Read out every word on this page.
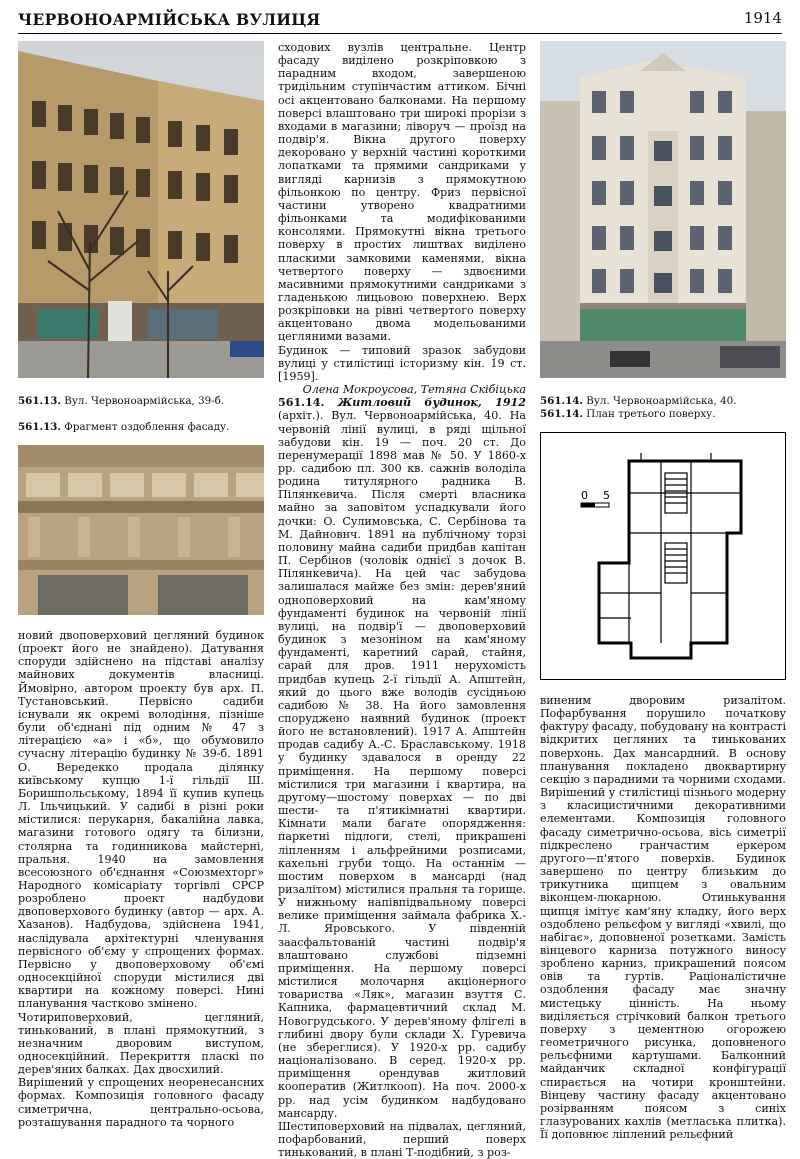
ЧЕРВОНОАРМІЙСЬКА ВУЛИЦЯ	1914
561.13. Вул. Червоноармійська, 39-б.
561.13. Фрагмент оздоблення фасаду.
561.14. Вул. Червоноармійська, 40.
561.14. План третього поверху.
0 5

новий двоповерховий цегляний будинок (проект його не знайдено). Датування споруди здійснено на підставі аналізу майнових документів власниці. Ймовірно, автором проекту був арх. П. Тустановський. Первісно садиби існували як окремі володіння, пізніше були об'єднані під одним № 47 з літерацією «а» і «б», що обумовило сучасну літерацію будинку № 39-б. 1891 О. Вередекко продала ділянку київському купцю 1-ї гільдії Ш. Боришпольському, 1894 її купив купець Л. Ільчицький. У садибі в різні роки містилися: перукарня, бакалійна лавка, магазини готового одягу та білизни, столярна та годинникова майстерні, пральня. 1940 на замовлення всесоюзного об'єднання «Союзмехторг» Народного комісаріату торгівлі СРСР розроблено проект надбудови двоповерхового будинку (автор — арх. А. Хазанов). Надбудова, здійснена 1941, наслідувала архітектурні членування первісного об'єму у спрощених формах. Первісно у двоповерховому об'ємі односекційної споруди містилися дві квартири на кожному поверсі. Нині планування частково змінено.

Чотириповерховий, цегляний, тинькований, в плані прямокутний, з незначним дворовим виступом, односекційний. Перекриття пласкі по дерев'яних балках. Дах двосхилий.

Вирішений у спрощених неоренесансних формах. Композиція головного фасаду симетрична, центрально-осьова, розташування парадного та чорного

сходових вузлів центральне. Центр фасаду виділено розкріповкою з парадним входом, завершеною тридільним ступінчастим аттиком. Бічні осі акцентовано балконами. На першому поверсі влаштовано три широкі прорізи з входами в магазини; ліворуч — проїзд на подвір'я. Вікна другого поверху декоровано у верхній частині короткими лопатками та прямими сандриками у вигляді карнизів з прямокутною фільонкою по центру. Фриз первісної частини утворено квадратними фільонками та модифікованими консолями. Прямокутні вікна третього поверху в простих лиштвах виділено пласкими замковими каменями, вікна четвертого поверху — здвоєними масивними прямокутними сандриками з гладенькою лицьовою поверхнею. Верх розкріповки на рівні четвертого поверху акцентовано двома модельованими цегляними вазами.

Будинок — типовий зразок забудови вулиці у стилістиці історизму кін. 19 ст. [1959].

Олена Мокроусова, Тетяна Скібіцька

561.14. Житловий будинок, 1912 (архіт.). Вул. Червоноармійська, 40. На червоній лінії вулиці, в ряді щільної забудови кін. 19 — поч. 20 ст. До перенумерації 1898 мав № 50. У 1860-х рр. садибою пл. 300 кв. сажнів володіла родина титулярного радника В. Пілянкевича. Після смерті власника майно за заповітом успадкували його дочки: О. Сулимовська, С. Сербінова та М. Дайновнч. 1891 на публічному торзі половину майна садиби придбав капітан П. Сербінов (чоловік однієї з дочок В. Пілянкевича). На цей час забудова залишалася майже без змін: дерев'яний одноповерховий на кам'яному фундаменті будинок на червоній лінії вулиці, на подвір'ї — двоповерховий будинок з мезоніном на кам'яному фундаменті, каретний сарай, стайня, сарай для дров. 1911 нерухомість придбав купець 2-ї гільдії А. Апштейн, який до цього вже володів сусідньою садибою № 38. На його замовлення споруджено наявний будинок (проект його не встановлений). 1917 А. Апштейн продав садибу А.-С. Браславському. 1918 у будинку здавалося в оренду 22 приміщення. На першому поверсі містилися три магазини і квартира, на другому—шостому поверхах — по дві шести- та п'ятикімнатні квартири. Кімнати мали багате опорядження: паркетні підлоги, стелі, прикрашені ліпленням і альфрейними розписами, кахельні груби тощо. На останнім — шостим поверхом в мансарді (над ризалітом) містилися пральня та горище. У нижньому напівпідвальному поверсі велике приміщення займала фабрика Х.-Л. Яровського. У південній заасфальтованій частині подвір'я влаштовано службові підземні приміщення. На першому поверсі містилися молочарня акціонерного товариства «Ляк», магазин взуття С. Капника, фармацевтичний склад М. Новогрудського. У дерев'яному флігелі в глибині двору були склади Х. Гуревича (не збереглися). У 1920-х рр. садибу націоналізовано. В серед. 1920-х рр. приміщення орендував житловий кооператив (Житлкооп). На поч. 2000-х рр. над усім будинком надбудовано мансарду.

Шестиповерховий на підвалах, цегляний, пофарбований, перший поверх тинькований, в плані Т-подібний, з роз-

виненим дворовим ризалітом. Пофарбування порушило початкову фактуру фасаду, побудовану на контрасті відкритих цегляних та тинькованих поверхонь. Дах мансардний. В основу планування покладено двоквартирну секцію з парадними та чорними сходами.

Вирішений у стилістиці пізнього модерну з класицистичними декоративними елементами. Композиція головного фасаду симетрично-осьова, вісь симетрії підкреслено гранчастим еркером другого—п'ятого поверхів. Будинок завершено по центру близьким до трикутника щипцем з овальним віконцем-люкарною. Отинькування щипця імітує кам'яну кладку, його верх оздоблено рельєфом у вигляді «хвилі, що набігає», доповненої розетками. Замість вінцевого карниза потужного виносу зроблено карниз, прикрашений поясом овів та гуртів. Раціоналістичне оздоблення фасаду має значну мистецьку цінність. На ньому виділяється стрічковий балкон третього поверху з цементною огорожею геометричного рисунка, доповненого рельєфними картушами. Балконний майданчик складної конфігурації спирається на чотири кронштейни. Вінцеву частину фасаду акцентовано розірванням поясом з синіх глазурованих кахлів (метласька плитка). Її доповнює ліплений рельєфний
